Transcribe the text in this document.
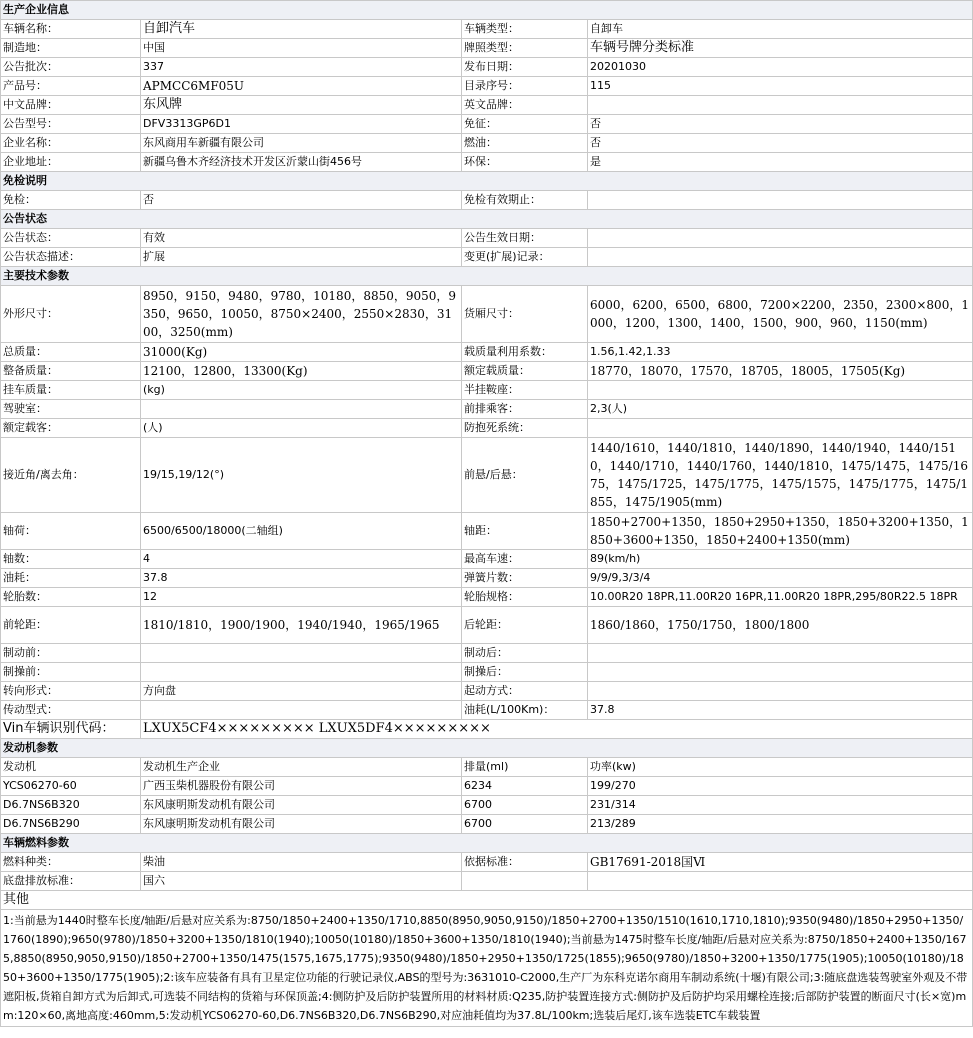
生产企业信息			
车辆名称：	自卸汽车	车辆类型：	自卸车
制造地：	中国	牌照类型：	车辆号牌分类标准
公告批次：	337	发布日期：	20201030
产品号：	APMCC6MF05U	目录序号：	115
中文品牌：	东风牌	英文品牌：	
公告型号：	DFV3313GP6D1	免征：	否
企业名称：	东风商用车新疆有限公司	燃油：	否
企业地址：	新疆乌鲁木齐经济技术开发区沂蒙山街456号	环保：	是
免检说明			
免检：	否	免检有效期止：	
公告状态			
公告状态：	有效	公告生效日期：	
公告状态描述：	扩展	变更(扩展)记录：	
主要技术参数			
外形尺寸：	8950，9150，9480，9780，10180，8850，9050，9350，9650，10050，8750×2400，2550×2830，3100，3250(mm)	货厢尺寸：	6000，6200，6500，6800，7200×2200，2350，2300×800，1000，1200，1300，1400，1500，900，960，1150(mm)
总质量：	31000(Kg)	载质量利用系数：	1.56,1.42,1.33
整备质量：	12100，12800，13300(Kg)	额定载质量：	18770，18070，17570，18705，18005，17505(Kg)
挂车质量：	(kg)	半挂鞍座：	
驾驶室：		前排乘客：	2,3(人)
额定载客：	(人)	防抱死系统：	
接近角/离去角：	19/15,19/12(°)	前悬/后悬：	1440/1610，1440/1810，1440/1890，1440/1940，1440/1510，1440/1710，1440/1760，1440/1810，1475/1475，1475/1675，1475/1725，1475/1775，1475/1575，1475/1775，1475/1855，1475/1905(mm)
轴荷：	6500/6500/18000(二轴组)	轴距：	1850+2700+1350，1850+2950+1350，1850+3200+1350，1850+3600+1350，1850+2400+1350(mm)
轴数：	4	最高车速：	89(km/h)
油耗：	37.8	弹簧片数：	9/9/9,3/3/4
轮胎数：	12	轮胎规格：	10.00R20 18PR,11.00R20 16PR,11.00R20 18PR,295/80R22.5 18PR
前轮距：	1810/1810，1900/1900，1940/1940，1965/1965	后轮距：	1860/1860，1750/1750，1800/1800
制动前：		制动后：	
制操前：		制操后：	
转向形式：	方向盘	起动方式：	
传动型式：		油耗(L/100Km)：	37.8
Vin车辆识别代码：	LXUX5CF4××××××××× LXUX5DF4×××××××××		
发动机参数			
发动机	发动机生产企业	排量(ml)	功率(kw)
YCS06270-60	广西玉柴机器股份有限公司	6234	199/270
D6.7NS6B320	东风康明斯发动机有限公司	6700	231/314
D6.7NS6B290	东风康明斯发动机有限公司	6700	213/289
车辆燃料参数			
燃料种类：	柴油	依据标准：	GB17691-2018国Ⅵ
底盘排放标准：	国六		
其他			
1:当前悬为1440时整车长度/轴距/后悬对应关系为:8750/1850+2400+1350/1710,8850(8950,9050,9150)/1850+2700+1350/1510(1610,1710,1810);9350(9480)/1850+2950+1350/1760(1890);9650(9780)/1850+3200+1350/1810(1940);10050(10180)/1850+3600+1350/1810(1940);当前悬为1475时整车长度/轴距/后悬对应关系为:8750/1850+2400+1350/1675,8850(8950,9050,9150)/1850+2700+1350/1475(1575,1675,1775);9350(9480)/1850+2950+1350/1725(1855);9650(9780)/1850+3200+1350/1775(1905);10050(10180)/1850+3600+1350/1775(1905);2:该车应装备有具有卫星定位功能的行驶记录仪,ABS的型号为:3631010-C2000,生产厂为东科克诺尔商用车制动系统(十堰)有限公司;3:随底盘选装驾驶室外观及不带遮阳板,货箱自卸方式为后卸式,可选装不同结构的货箱与环保顶盖;4:侧防护及后防护装置所用的材料材质:Q235,防护装置连接方式:侧防护及后防护均采用螺栓连接;后部防护装置的断面尺寸(长×宽)mm:120×60,离地高度:460mm,5:发动机YCS06270-60,D6.7NS6B320,D6.7NS6B290,对应油耗值均为37.8L/100km;选装后尾灯,该车选装ETC车载装置			
